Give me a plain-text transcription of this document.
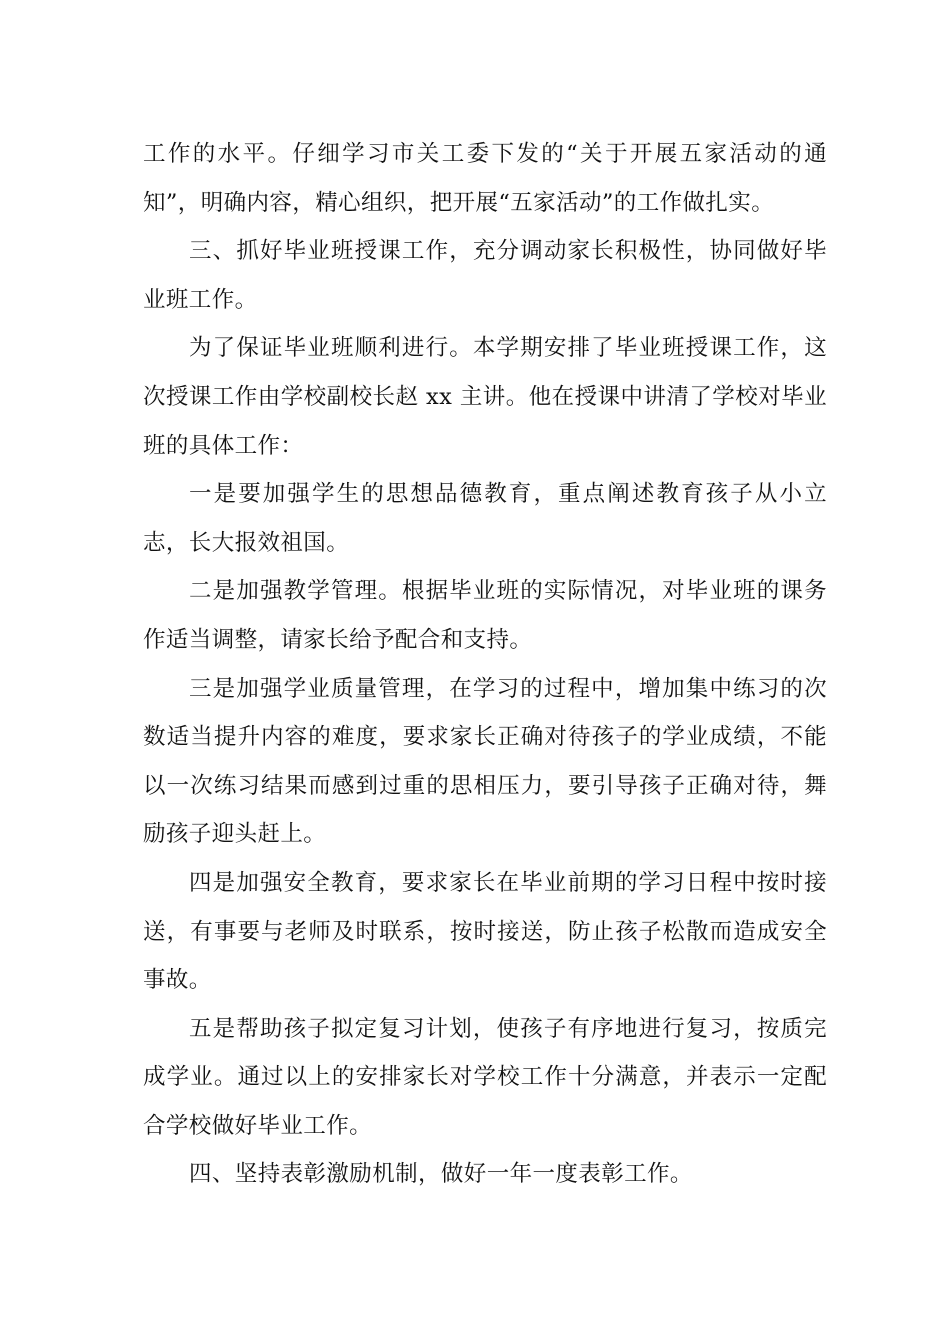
工作的水平。仔细学习市关工委下发的“关于开展五家活动的通知”，明确内容，精心组织，把开展“五家活动”的工作做扎实。

三、抓好毕业班授课工作，充分调动家长积极性，协同做好毕业班工作。

为了保证毕业班顺利进行。本学期安排了毕业班授课工作，这次授课工作由学校副校长赵 xx 主讲。他在授课中讲清了学校对毕业班的具体工作：

一是要加强学生的思想品德教育，重点阐述教育孩子从小立志，长大报效祖国。

二是加强教学管理。根据毕业班的实际情况，对毕业班的课务作适当调整，请家长给予配合和支持。

三是加强学业质量管理，在学习的过程中，增加集中练习的次数适当提升内容的难度，要求家长正确对待孩子的学业成绩，不能以一次练习结果而感到过重的思相压力，要引导孩子正确对待，舞励孩子迎头赶上。

四是加强安全教育，要求家长在毕业前期的学习日程中按时接送，有事要与老师及时联系，按时接送，防止孩子松散而造成安全事故。

五是帮助孩子拟定复习计划，使孩子有序地进行复习，按质完成学业。通过以上的安排家长对学校工作十分满意，并表示一定配合学校做好毕业工作。

四、坚持表彰激励机制，做好一年一度表彰工作。
